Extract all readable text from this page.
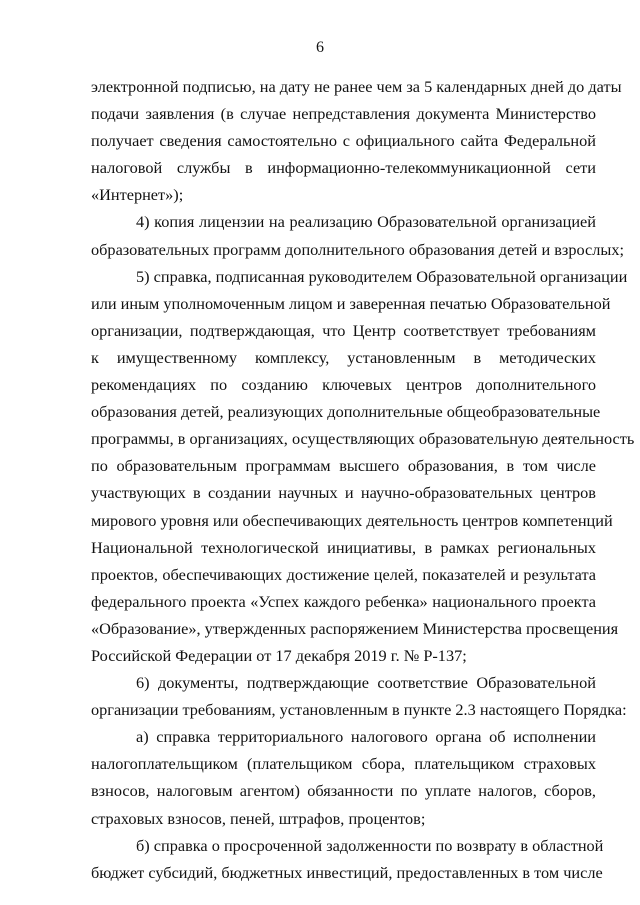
6
электронной подписью, на дату не ранее чем за 5 календарных дней до даты
подачи заявления (в случае непредставления документа Министерство
получает сведения самостоятельно с официального сайта Федеральной
налоговой службы в информационно-телекоммуникационной сети
«Интернет»);
4) копия лицензии на реализацию Образовательной организацией
образовательных программ дополнительного образования детей и взрослых;
5) справка, подписанная руководителем Образовательной организации
или иным уполномоченным лицом и заверенная печатью Образовательной
организации, подтверждающая, что Центр соответствует требованиям
к имущественному комплексу, установленным в методических
рекомендациях по созданию ключевых центров дополнительного
образования детей, реализующих дополнительные общеобразовательные
программы, в организациях, осуществляющих образовательную деятельность
по образовательным программам высшего образования, в том числе
участвующих в создании научных и научно-образовательных центров
мирового уровня или обеспечивающих деятельность центров компетенций
Национальной технологической инициативы, в рамках региональных
проектов, обеспечивающих достижение целей, показателей и результата
федерального проекта «Успех каждого ребенка» национального проекта
«Образование», утвержденных распоряжением Министерства просвещения
Российской Федерации от 17 декабря 2019 г. № Р-137;
6) документы, подтверждающие соответствие Образовательной
организации требованиям, установленным в пункте 2.3 настоящего Порядка:
а) справка территориального налогового органа об исполнении
налогоплательщиком (плательщиком сбора, плательщиком страховых
взносов, налоговым агентом) обязанности по уплате налогов, сборов,
страховых взносов, пеней, штрафов, процентов;
б) справка о просроченной задолженности по возврату в областной
бюджет субсидий, бюджетных инвестиций, предоставленных в том числе
